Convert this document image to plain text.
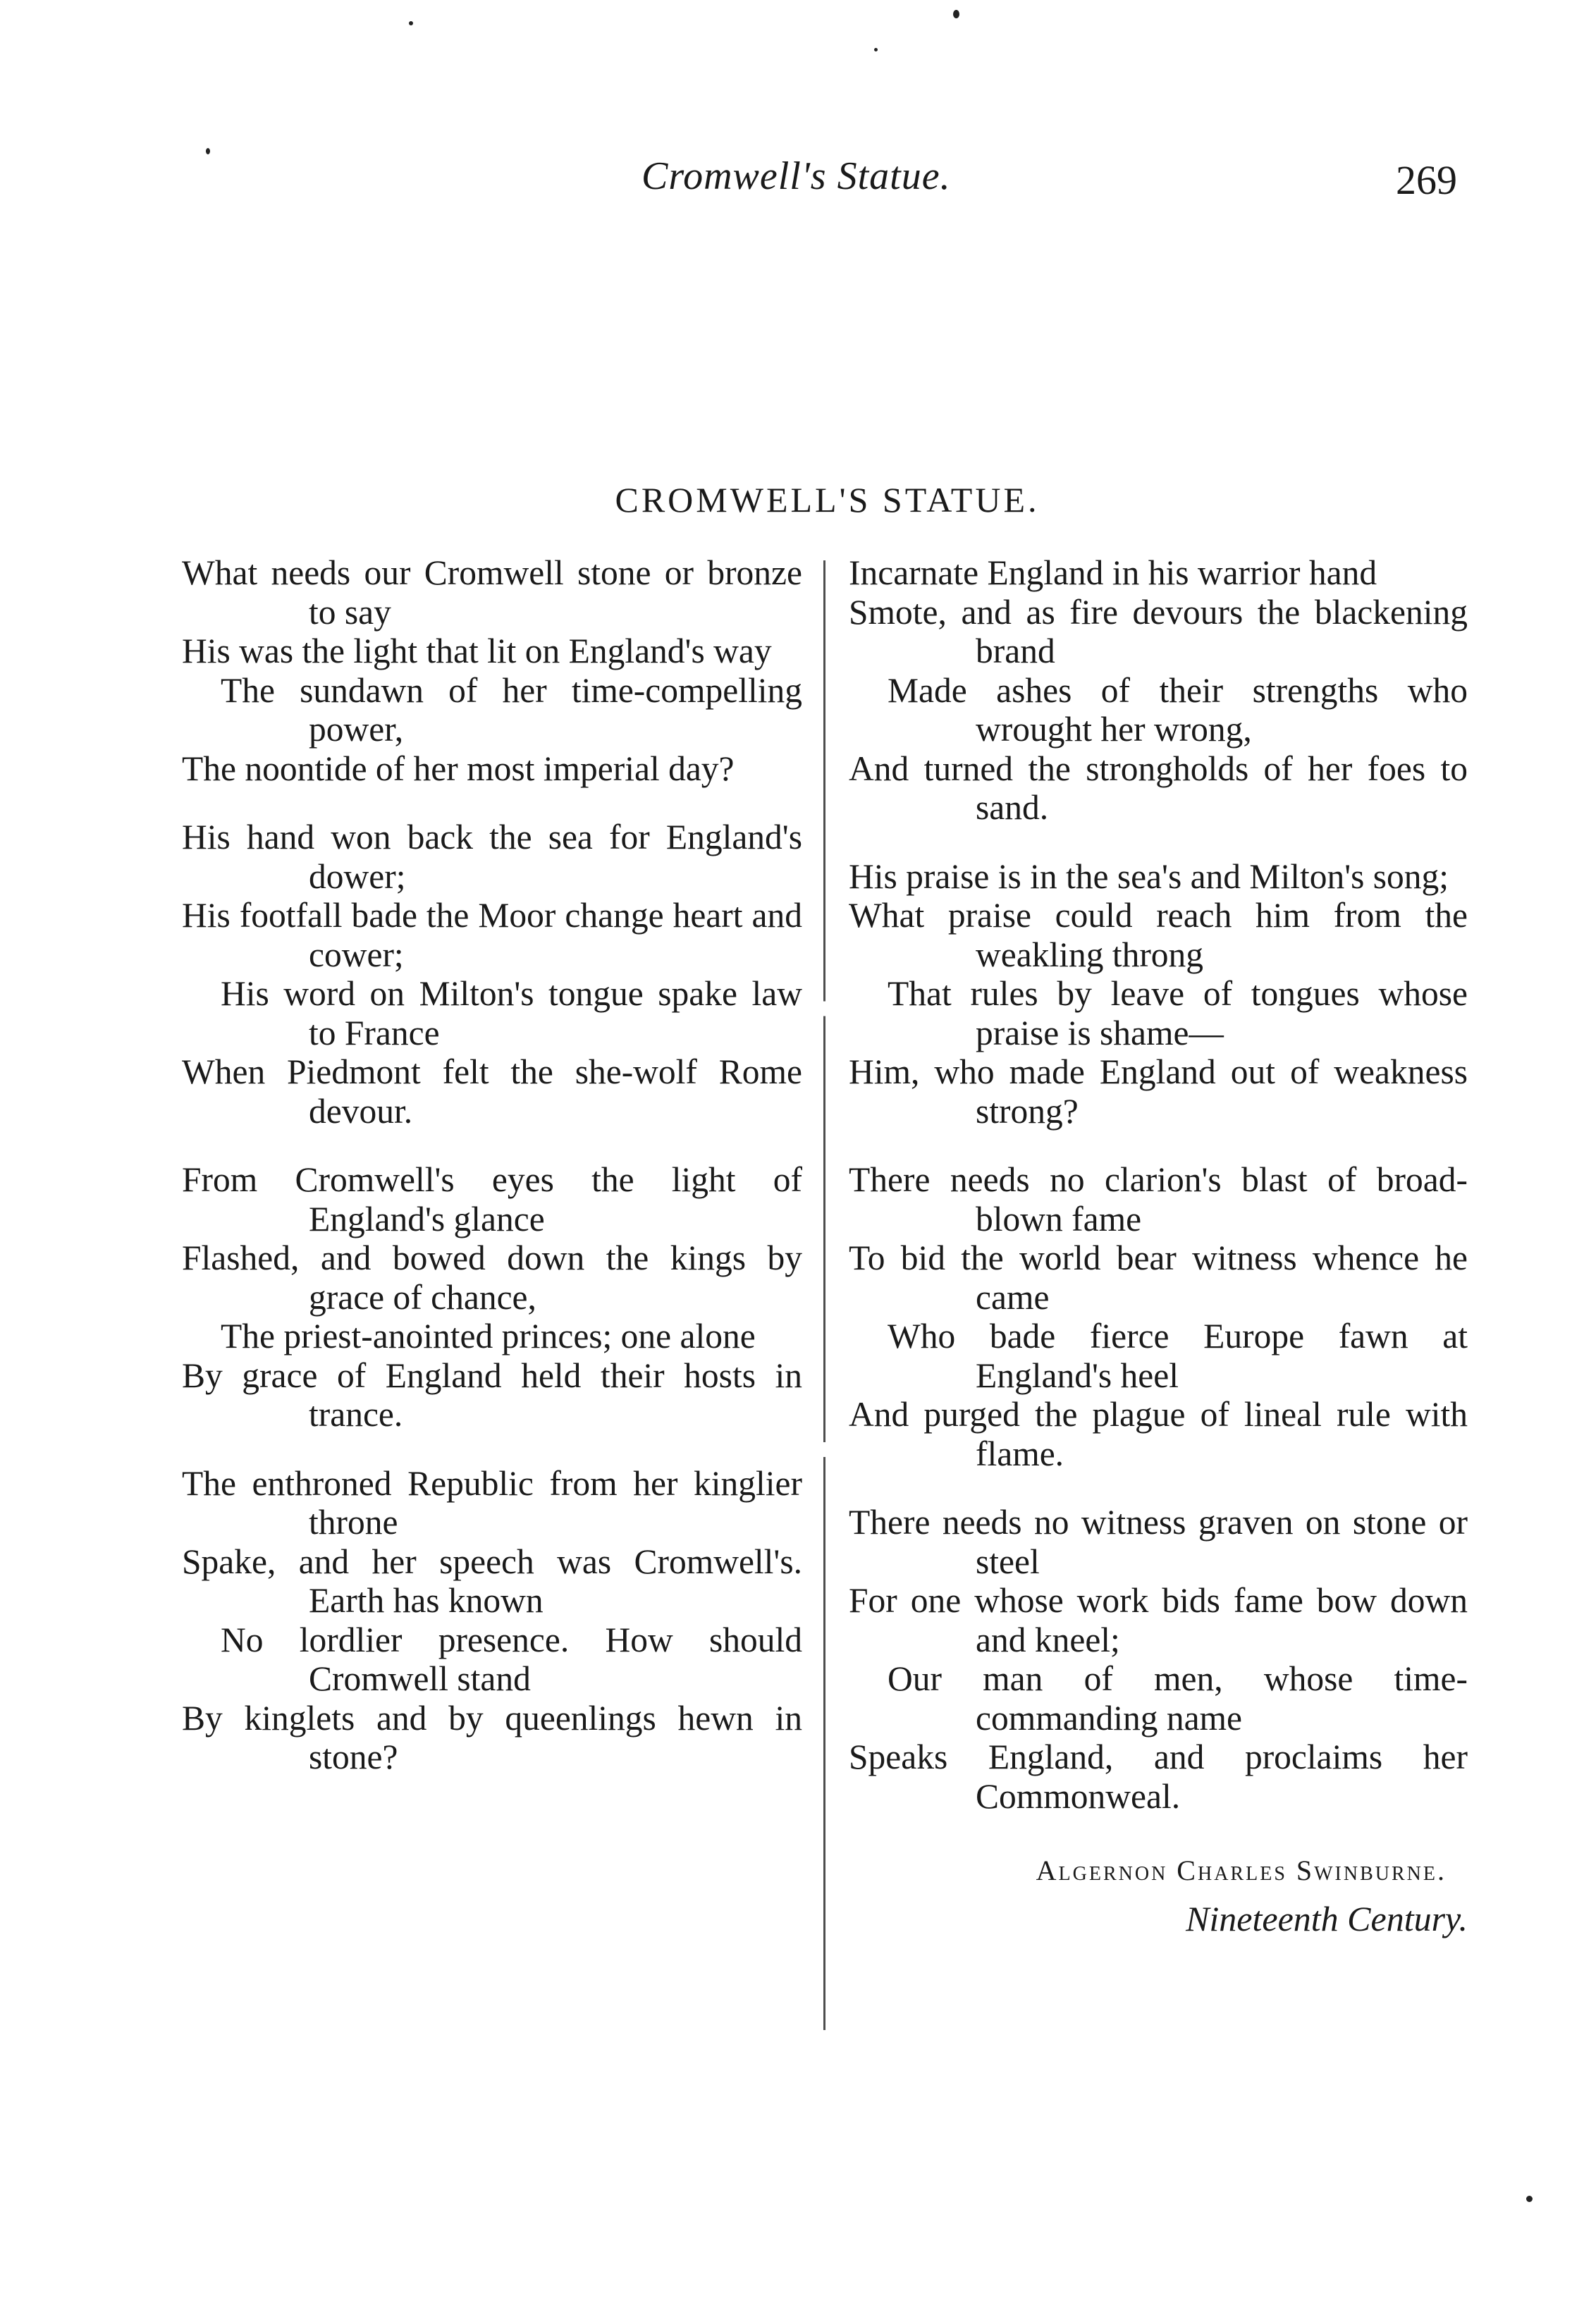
Cromwell's Statue.	269
CROMWELL'S STATUE.
What needs our Cromwell stone or bronze to say
His was the light that lit on England's way
The sundawn of her time-compelling power,
The noontide of her most imperial day?
His hand won back the sea for England's dower;
His footfall bade the Moor change heart and cower;
His word on Milton's tongue spake law to France
When Piedmont felt the she-wolf Rome devour.
From Cromwell's eyes the light of England's glance
Flashed, and bowed down the kings by grace of chance,
The priest-anointed princes; one alone
By grace of England held their hosts in trance.
The enthroned Republic from her kinglier throne
Spake, and her speech was Cromwell's. Earth has known
No lordlier presence. How should Cromwell stand
By kinglets and by queenlings hewn in stone?
Incarnate England in his warrior hand
Smote, and as fire devours the blackening brand
Made ashes of their strengths who wrought her wrong,
And turned the strongholds of her foes to sand.
His praise is in the sea's and Milton's song;
What praise could reach him from the weakling throng
That rules by leave of tongues whose praise is shame—
Him, who made England out of weakness strong?
There needs no clarion's blast of broad-blown fame
To bid the world bear witness whence he came
Who bade fierce Europe fawn at England's heel
And purged the plague of lineal rule with flame.
There needs no witness graven on stone or steel
For one whose work bids fame bow down and kneel;
Our man of men, whose time-commanding name
Speaks England, and proclaims her Commonweal.
Algernon Charles Swinburne.
Nineteenth Century.
